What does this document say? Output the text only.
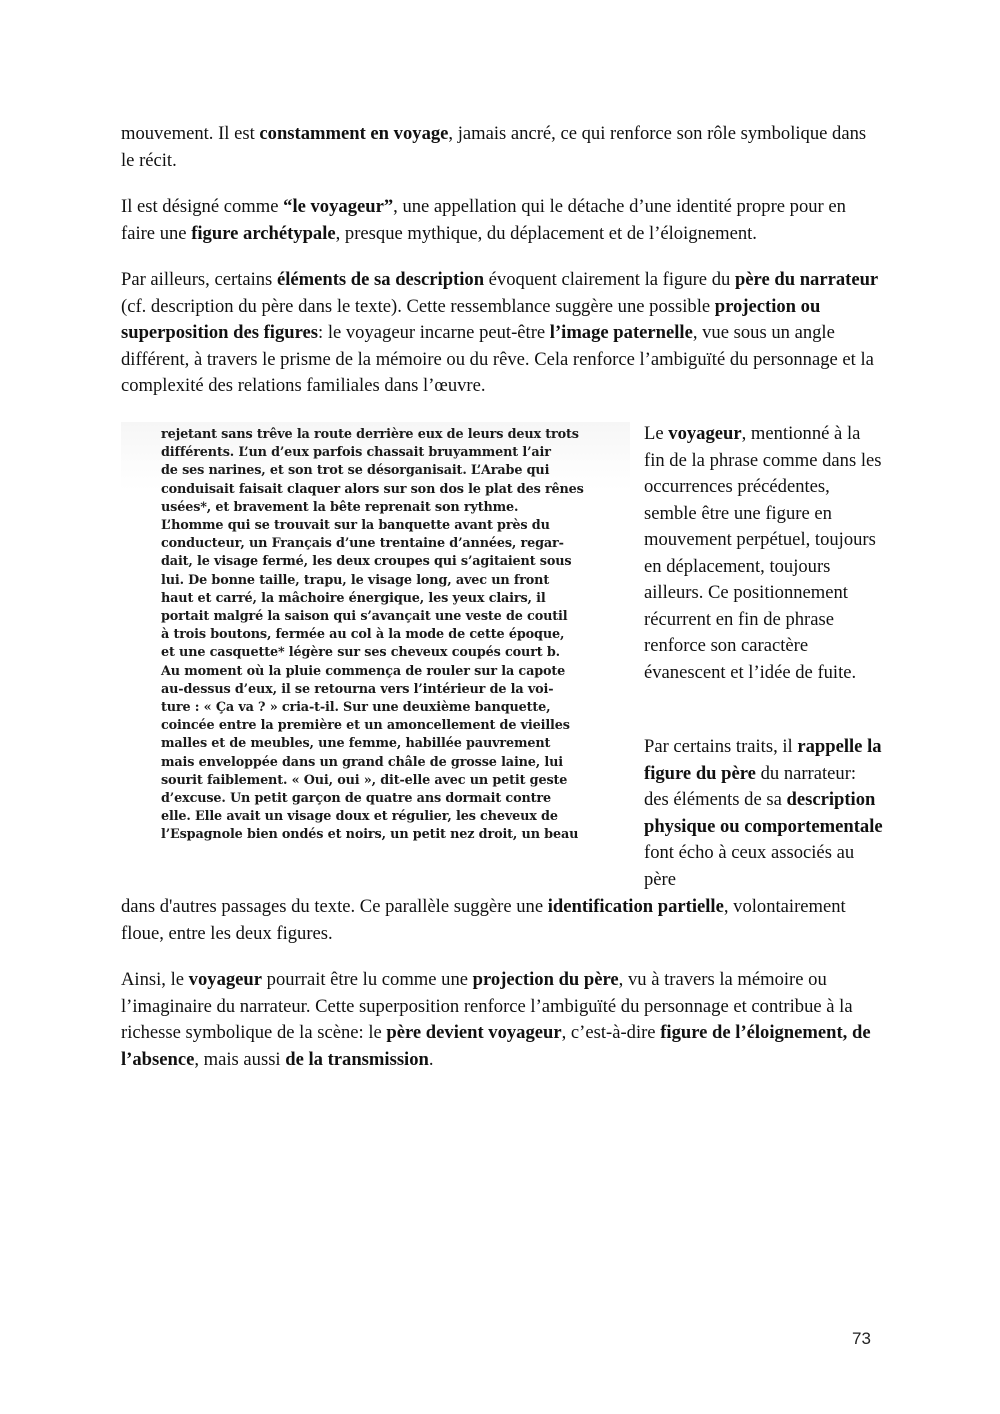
mouvement. Il est constamment en voyage, jamais ancré, ce qui renforce son rôle symbolique dans le récit.

Il est désigné comme “le voyageur”, une appellation qui le détache d’une identité propre pour en faire une figure archétypale, presque mythique, du déplacement et de l’éloignement.

Par ailleurs, certains éléments de sa description évoquent clairement la figure du père du narrateur (cf. description du père dans le texte). Cette ressemblance suggère une possible projection ou superposition des figures: le voyageur incarne peut-être l’image paternelle, vue sous un angle différent, à travers le prisme de la mémoire ou du rêve. Cela renforce l’ambiguïté du personnage et la complexité des relations familiales dans l’œuvre.

rejetant sans trêve la route derrière eux de leurs deux trots
différents. L’un d’eux parfois chassait bruyamment l’air
de ses narines, et son trot se désorganisait. L’Arabe qui
conduisait faisait claquer alors sur son dos le plat des rênes
usées*, et bravement la bête reprenait son rythme.
L’homme qui se trouvait sur la banquette avant près du
conducteur, un Français d’une trentaine d’années, regar-
dait, le visage fermé, les deux croupes qui s’agitaient sous
lui. De bonne taille, trapu, le visage long, avec un front
haut et carré, la mâchoire énergique, les yeux clairs, il
portait malgré la saison qui s’avançait une veste de coutil
à trois boutons, fermée au col à la mode de cette époque,
et une casquette* légère sur ses cheveux coupés court b.
Au moment où la pluie commença de rouler sur la capote
au-dessus d’eux, il se retourna vers l’intérieur de la voi-
ture : « Ça va ? » cria-t-il. Sur une deuxième banquette,
coincée entre la première et un amoncellement de vieilles
malles et de meubles, une femme, habillée pauvrement
mais enveloppée dans un grand châle de grosse laine, lui
sourit faiblement. « Oui, oui », dit-elle avec un petit geste
d’excuse. Un petit garçon de quatre ans dormait contre
elle. Elle avait un visage doux et régulier, les cheveux de
l’Espagnole bien ondés et noirs, un petit nez droit, un beau

Le voyageur, mentionné à la fin de la phrase comme dans les occurrences précédentes, semble être une figure en mouvement perpétuel, toujours en déplacement, toujours ailleurs. Ce positionnement récurrent en fin de phrase renforce son caractère évanescent et l’idée de fuite.

Par certains traits, il rappelle la figure du père du narrateur: des éléments de sa description physique ou comportementale font écho à ceux associés au père

dans d'autres passages du texte. Ce parallèle suggère une identification partielle, volontairement floue, entre les deux figures.

Ainsi, le voyageur pourrait être lu comme une projection du père, vu à travers la mémoire ou l’imaginaire du narrateur. Cette superposition renforce l’ambiguïté du personnage et contribue à la richesse symbolique de la scène: le père devient voyageur, c’est-à-dire figure de l’éloignement, de l’absence, mais aussi de la transmission.

73
